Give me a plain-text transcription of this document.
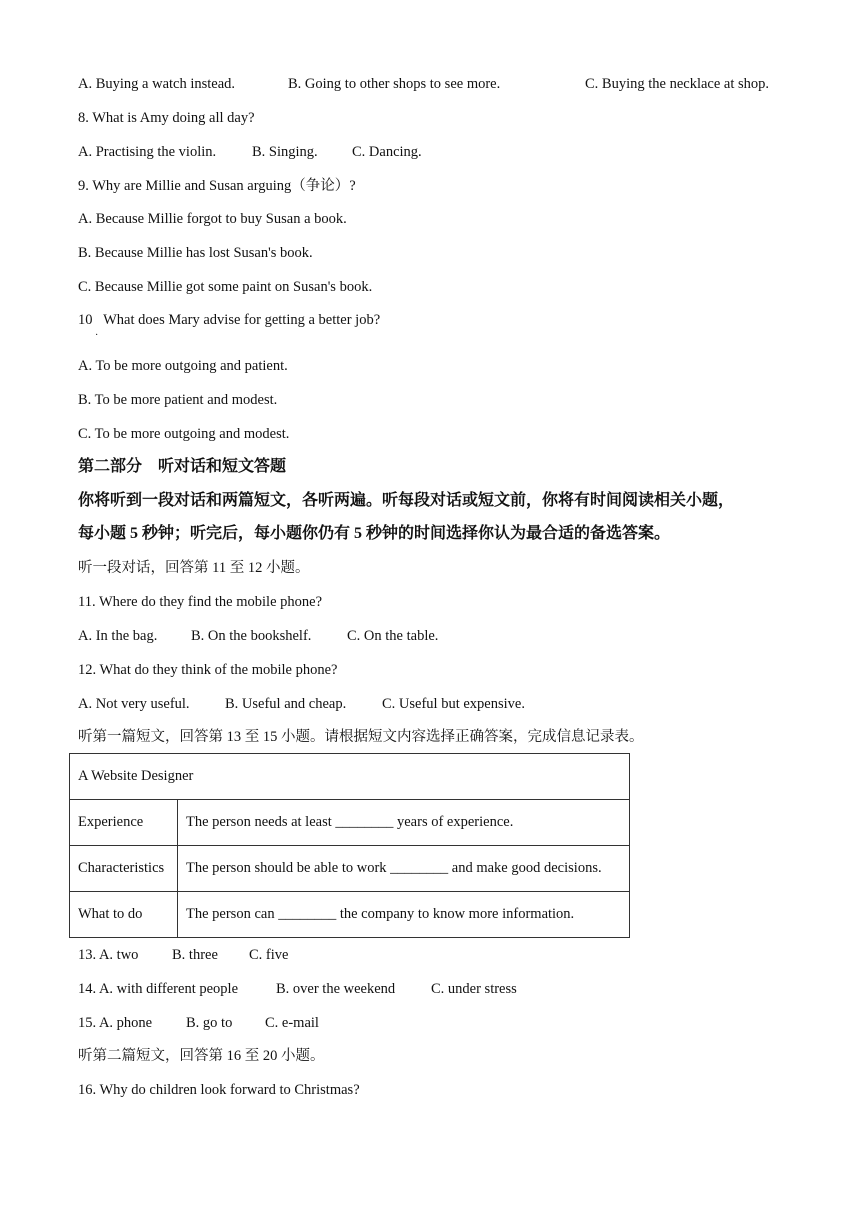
A. Buying a watch instead.	B. Going to other shops to see more.	C. Buying the necklace at shop.
8. What is Amy doing all day?
A. Practising the violin. B. Singing. C. Dancing.
9. Why are Millie and Susan arguing（争论）?
A. Because Millie forgot to buy Susan a book.
B. Because Millie has lost Susan's book.
C. Because Millie got some paint on Susan's book.
10   What does Mary advise for getting a better job?
·
A. To be more outgoing and patient.
B. To be more patient and modest.
C. To be more outgoing and modest.
第二部分    听对话和短文答题
你将听到一段对话和两篇短文，各听两遍。听每段对话或短文前，你将有时间阅读相关小题，
每小题 5 秒钟；听完后，每小题你仍有 5 秒钟的时间选择你认为最合适的备选答案。
听一段对话，回答第 11 至 12 小题。
11. Where do they find the mobile phone?
A. In the bag. B. On the bookshelf. C. On the table.
12. What do they think of the mobile phone?
A. Not very useful. B. Useful and cheap. C. Useful but expensive.
听第一篇短文，回答第 13 至 15 小题。请根据短文内容选择正确答案，完成信息记录表。
A Website Designer	
Experience	The person needs at least ________ years of experience.
Characteristics	The person should be able to work ________ and make good decisions.
What to do	The person can ________ the company to know more information.
13. A. two B. three C. five
14. A. with different people	B. over the weekend C. under stress
15. A. phone B. go to C. e-mail
听第二篇短文，回答第 16 至 20 小题。
16. Why do children look forward to Christmas?
